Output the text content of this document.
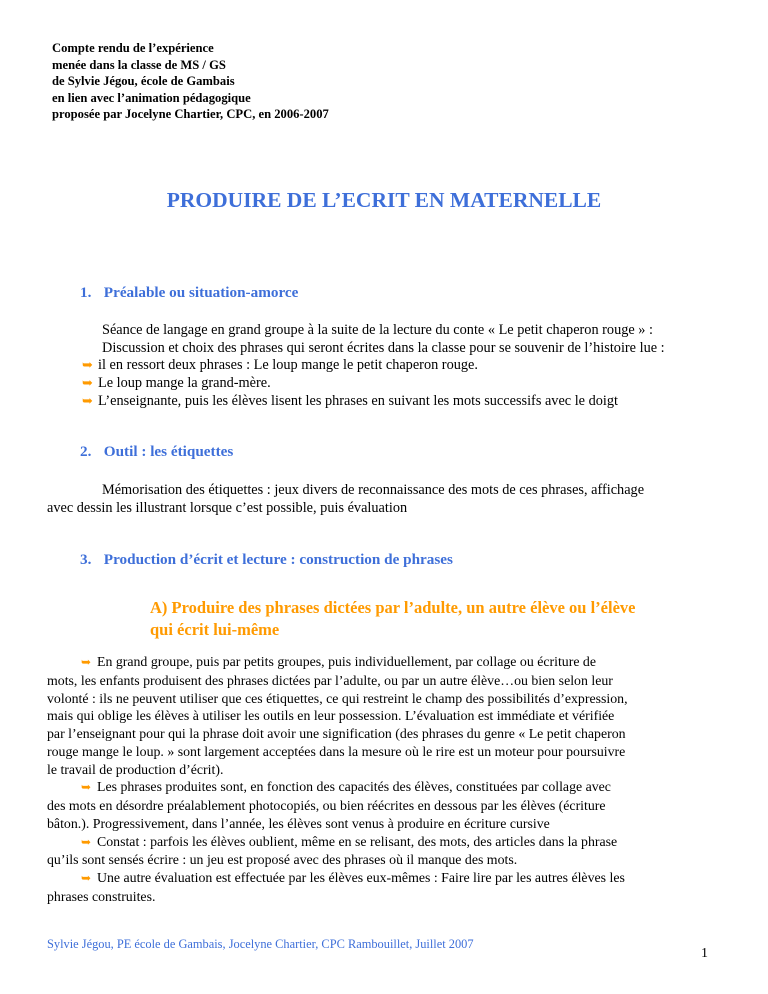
Compte rendu de l’expérience
menée dans la classe de MS / GS
de Sylvie Jégou, école de Gambais
en lien avec l’animation pédagogique
proposée par Jocelyne Chartier, CPC, en 2006-2007
PRODUIRE DE L’ECRIT EN MATERNELLE
1. Préalable ou situation-amorce
Séance de langage en grand groupe à la suite de la lecture du conte « Le petit chaperon rouge » :
Discussion et choix des phrases qui seront écrites dans la classe pour se souvenir de l’histoire lue :
➥ il en ressort deux phrases : Le loup mange le petit chaperon rouge.
➥ Le loup mange la grand-mère.
➥ L’enseignante, puis les élèves lisent les phrases en suivant les mots successifs avec le doigt
2. Outil : les étiquettes
Mémorisation des étiquettes : jeux divers de reconnaissance des mots de ces phrases, affichage
avec dessin les illustrant lorsque c’est possible, puis évaluation
3. Production d’écrit et lecture : construction de phrases
A) Produire des phrases dictées par l’adulte, un autre élève ou l’élève
qui écrit lui-même
➥ En grand groupe, puis par petits groupes, puis individuellement, par collage ou écriture de
mots, les enfants produisent des phrases dictées par l’adulte, ou par un autre élève…ou bien selon leur
volonté : ils ne peuvent utiliser que ces étiquettes, ce qui restreint le champ des possibilités d’expression,
mais qui oblige les élèves à utiliser les outils en leur possession. L’évaluation est immédiate et vérifiée
par l’enseignant pour qui la phrase doit avoir une signification (des phrases du genre « Le petit chaperon
rouge mange le loup. » sont largement acceptées dans la mesure où le rire est un moteur pour poursuivre
le travail de production d’écrit).
➥ Les phrases produites sont, en fonction des capacités des élèves, constituées par collage avec
des mots en désordre préalablement photocopiés, ou bien réécrites en dessous par les élèves (écriture
bâton.). Progressivement, dans l’année, les élèves sont venus à produire en écriture cursive
➥ Constat : parfois les élèves oublient, même en se relisant, des mots, des articles dans la phrase
qu’ils sont sensés écrire : un jeu est proposé avec des phrases où il manque des mots.
➥ Une autre évaluation est effectuée par les élèves eux-mêmes : Faire lire par les autres élèves les
phrases construites.
Sylvie Jégou, PE école de Gambais, Jocelyne Chartier, CPC Rambouillet, Juillet 2007
1
